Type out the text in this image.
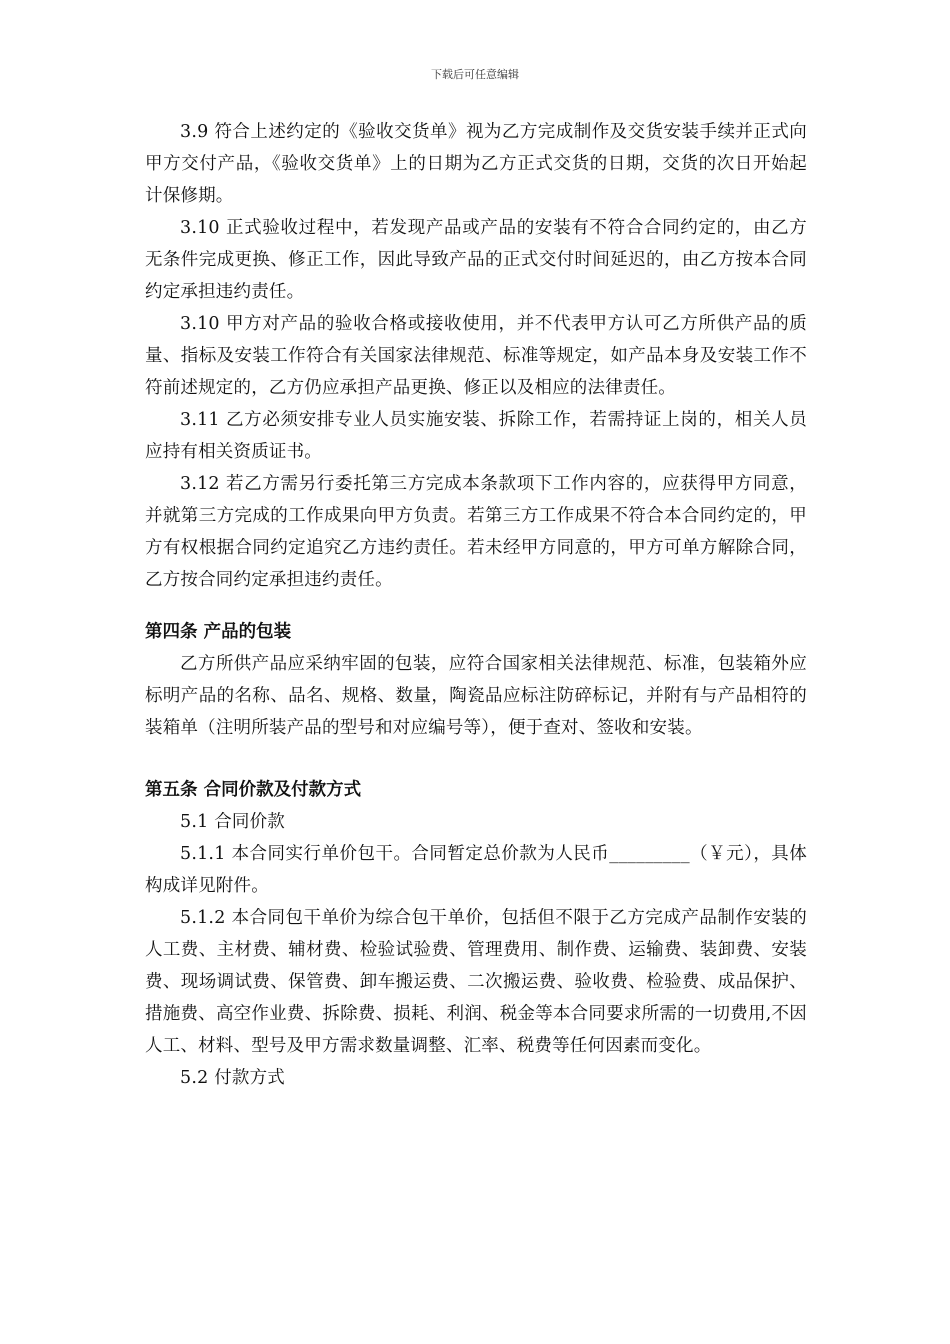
下载后可任意编辑

3.9 符合上述约定的《验收交货单》视为乙方完成制作及交货安装手续并正式向甲方交付产品，《验收交货单》上的日期为乙方正式交货的日期，交货的次日开始起计保修期。

3.10 正式验收过程中，若发现产品或产品的安装有不符合合同约定的，由乙方无条件完成更换、修正工作，因此导致产品的正式交付时间延迟的，由乙方按本合同约定承担违约责任。

3.10 甲方对产品的验收合格或接收使用，并不代表甲方认可乙方所供产品的质量、指标及安装工作符合有关国家法律规范、标准等规定，如产品本身及安装工作不符前述规定的，乙方仍应承担产品更换、修正以及相应的法律责任。

3.11 乙方必须安排专业人员实施安装、拆除工作，若需持证上岗的，相关人员应持有相关资质证书。

3.12 若乙方需另行委托第三方完成本条款项下工作内容的，应获得甲方同意，并就第三方完成的工作成果向甲方负责。若第三方工作成果不符合本合同约定的，甲方有权根据合同约定追究乙方违约责任。若未经甲方同意的，甲方可单方解除合同，乙方按合同约定承担违约责任。

第四条 产品的包装

乙方所供产品应采纳牢固的包装，应符合国家相关法律规范、标准，包装箱外应标明产品的名称、品名、规格、数量，陶瓷品应标注防碎标记，并附有与产品相符的装箱单（注明所装产品的型号和对应编号等），便于查对、签收和安装。

第五条 合同价款及付款方式

5.1 合同价款

5.1.1 本合同实行单价包干。合同暂定总价款为人民币_________（￥元），具体构成详见附件。

5.1.2 本合同包干单价为综合包干单价，包括但不限于乙方完成产品制作安装的人工费、主材费、辅材费、检验试验费、管理费用、制作费、运输费、装卸费、安装费、现场调试费、保管费、卸车搬运费、二次搬运费、验收费、检验费、成品保护、措施费、高空作业费、拆除费、损耗、利润、税金等本合同要求所需的一切费用,不因人工、材料、型号及甲方需求数量调整、汇率、税费等任何因素而变化。

5.2 付款方式
